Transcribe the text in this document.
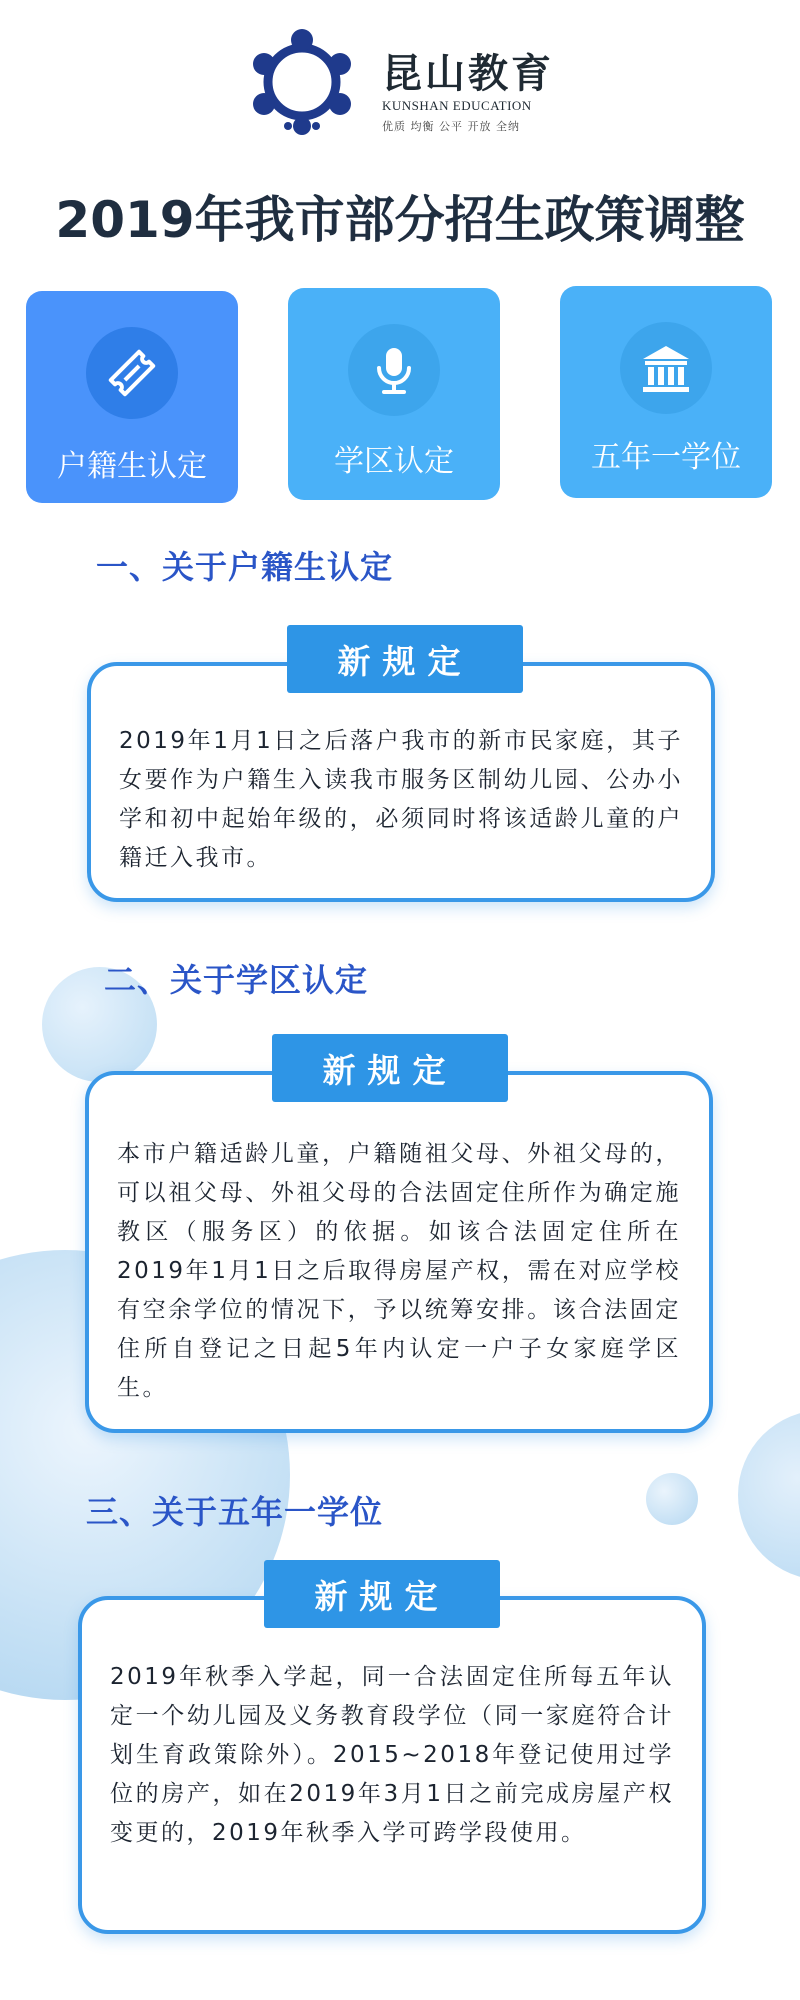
昆山教育
KUNSHAN EDUCATION
优质 均衡 公平 开放 全纳
2019年我市部分招生政策调整
户籍生认定	学区认定	五年一学位
一、关于户籍生认定

2019年1月1日之后落户我市的新市民家庭，其子女要作为户籍生入读我市服务区制幼儿园、公办小学和初中起始年级的，必须同时将该适龄儿童的户籍迁入我市。

新规定
二、关于学区认定

本市户籍适龄儿童，户籍随祖父母、外祖父母的，可以祖父母、外祖父母的合法固定住所作为确定施教区（服务区）的依据。如该合法固定住所在2019年1月1日之后取得房屋产权，需在对应学校有空余学位的情况下，予以统筹安排。该合法固定住所自登记之日起5年内认定一户子女家庭学区生。

新规定
三、关于五年一学位

2019年秋季入学起，同一合法固定住所每五年认定一个幼儿园及义务教育段学位（同一家庭符合计划生育政策除外）。2015~2018年登记使用过学位的房产，如在2019年3月1日之前完成房屋产权变更的，2019年秋季入学可跨学段使用。

新规定
